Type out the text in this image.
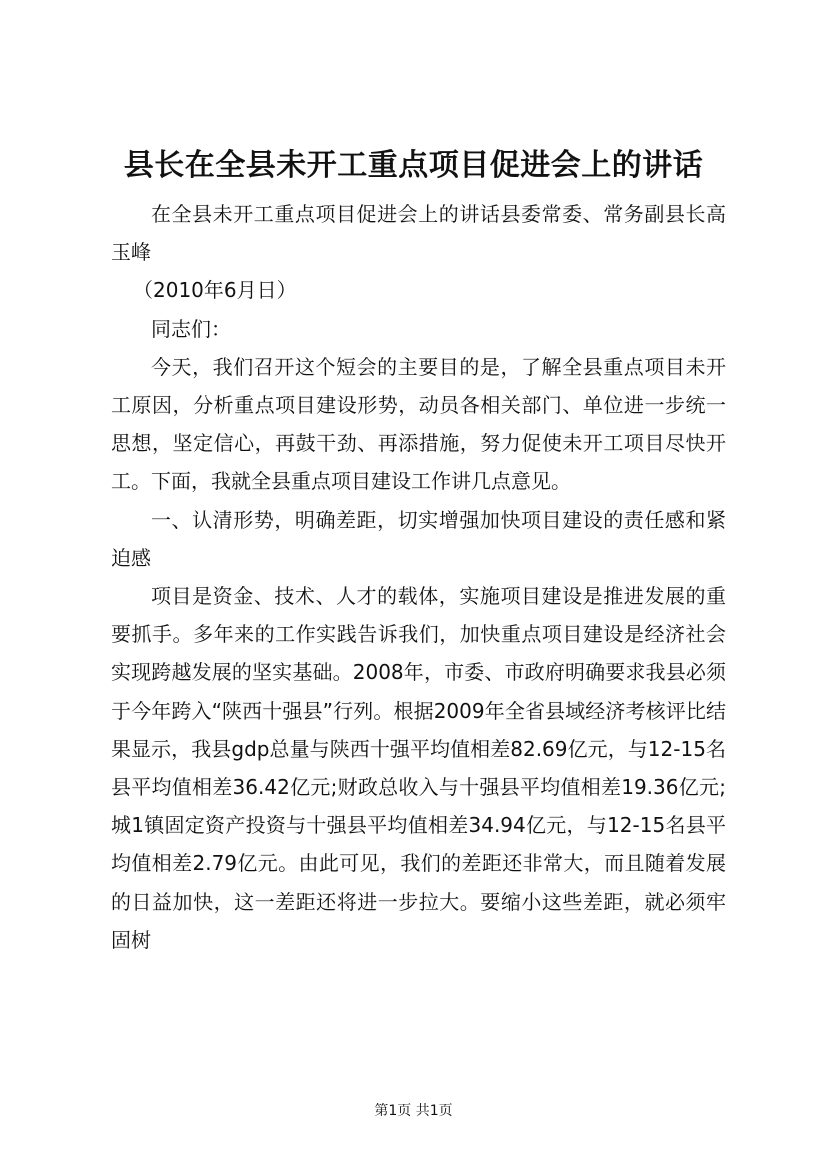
县长在全县未开工重点项目促进会上的讲话

在全县未开工重点项目促进会上的讲话县委常委、常务副县长高玉峰

（2010年6月日）

同志们：

今天，我们召开这个短会的主要目的是，了解全县重点项目未开工原因，分析重点项目建设形势，动员各相关部门、单位进一步统一思想，坚定信心，再鼓干劲、再添措施，努力促使未开工项目尽快开工。下面，我就全县重点项目建设工作讲几点意见。

一、认清形势，明确差距，切实增强加快项目建设的责任感和紧迫感

项目是资金、技术、人才的载体，实施项目建设是推进发展的重要抓手。多年来的工作实践告诉我们，加快重点项目建设是经济社会实现跨越发展的坚实基础。2008年，市委、市政府明确要求我县必须于今年跨入“陕西十强县”行列。根据2009年全省县域经济考核评比结果显示，我县gdp总量与陕西十强平均值相差82.69亿元，与12-15名县平均值相差36.42亿元;财政总收入与十强县平均值相差19.36亿元;城1镇固定资产投资与十强县平均值相差34.94亿元，与12-15名县平均值相差2.79亿元。由此可见，我们的差距还非常大，而且随着发展的日益加快，这一差距还将进一步拉大。要缩小这些差距，就必须牢固树

第1页 共1页
